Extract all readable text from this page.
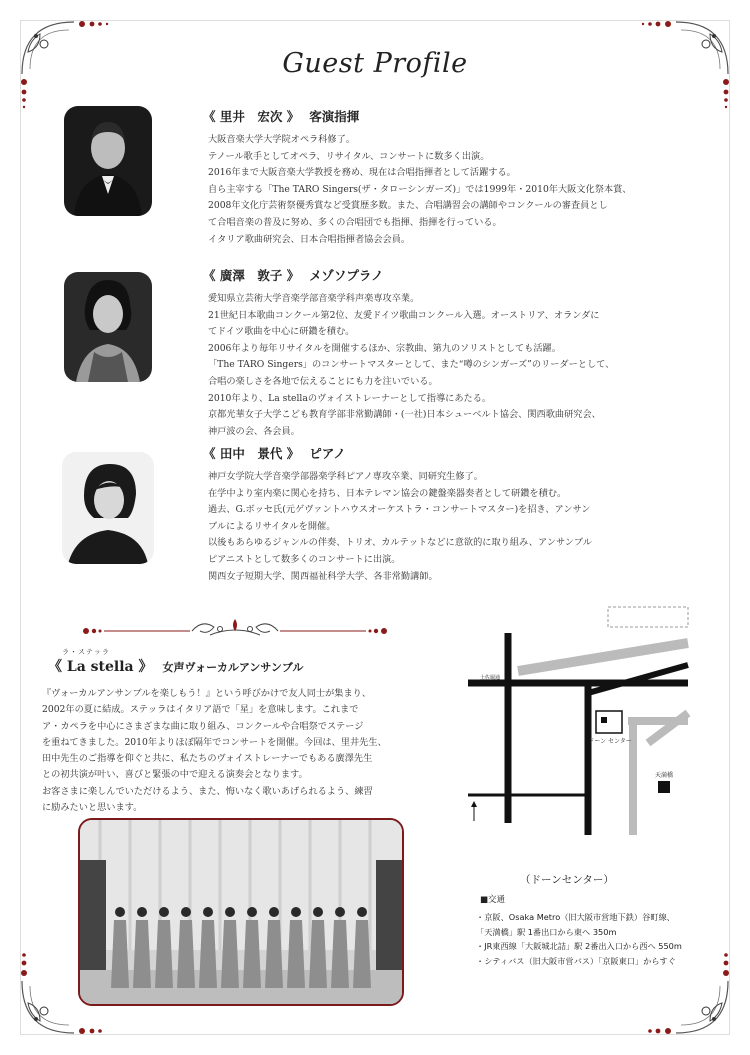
Guest Profile
《 里井　宏次 》 客演指揮
大阪音楽大学大学院オペラ科修了。
テノール歌手としてオペラ、リサイタル、コンサートに数多く出演。
2016年まで大阪音楽大学教授を務め、現在は合唱指揮者として活躍する。
自ら主宰する「The TARO Singers(ザ・タローシンガーズ)」では1999年・2010年大阪文化祭本賞、
2008年文化庁芸術祭優秀賞など受賞歴多数。また、合唱講習会の講師やコンクールの審査員とし
て合唱音楽の普及に努め、多くの合唱団でも指揮、指揮を行っている。
イタリア歌曲研究会、日本合唱指揮者協会会員。
《 廣澤　敦子 》 メゾソプラノ
愛知県立芸術大学音楽学部音楽学科声楽専攻卒業。
21世紀日本歌曲コンクール第2位、友愛ドイツ歌曲コンクール入選。オーストリア、オランダに
てドイツ歌曲を中心に研鑽を積む。
2006年より毎年リサイタルを開催するほか、宗教曲、第九のソリストとしても活躍。
「The TARO Singers」のコンサートマスターとして、また“噂のシンガーズ”のリーダーとして、
合唱の楽しさを各地で伝えることにも力を注いでいる。
2010年より、La stellaのヴォイストレーナーとして指導にあたる。
京都光華女子大学こども教育学部非常勤講師・(一社)日本シューベルト協会、関西歌曲研究会、
神戸波の会、各会員。
《 田中　景代 》 ピアノ
神戸女学院大学音楽学部器楽学科ピアノ専攻卒業、同研究生修了。
在学中より室内楽に関心を持ち、日本テレマン協会の鍵盤楽器奏者として研鑽を積む。
過去、G.ボッセ氏(元ゲヴァントハウスオーケストラ・コンサートマスター)を招き、アンサン
ブルによるリサイタルを開催。
以後もあらゆるジャンルの伴奏、トリオ、カルテットなどに意欲的に取り組み、アンサンブル
ピアニストとして数多くのコンサートに出演。
関西女子短期大学、関西福祉科学大学、各非常勤講師。
ラ・ステッラ
《 La stella 》 女声ヴォーカルアンサンブル
『ヴォーカルアンサンブルを楽しもう！』という呼びかけで友人同士が集まり、
2002年の夏に結成。ステッラはイタリア語で「星」を意味します。これまで
ア・カペラを中心にさまざまな曲に取り組み、コンクールや合唱祭でステージ
を重ねてきました。2010年よりほぼ隔年でコンサートを開催。今回は、里井先生、
田中先生のご指導を仰ぐと共に、私たちのヴォイストレーナーでもある廣澤先生
との初共演が叶い、喜びと緊張の中で迎える演奏会となります。
お客さまに楽しんでいただけるよう、また、悔いなく歌いあげられるよう、練習
に励みたいと思います。
ドーン センター
天満橋
土佐堀通
（ドーンセンター）
■交通
・京阪、Osaka Metro（旧大阪市営地下鉄）谷町線、
「天満橋」駅 1番出口から東へ 350m
・JR東西線「大阪城北詰」駅 2番出入口から西へ 550m
・シティバス（旧大阪市営バス）「京阪東口」からすぐ
